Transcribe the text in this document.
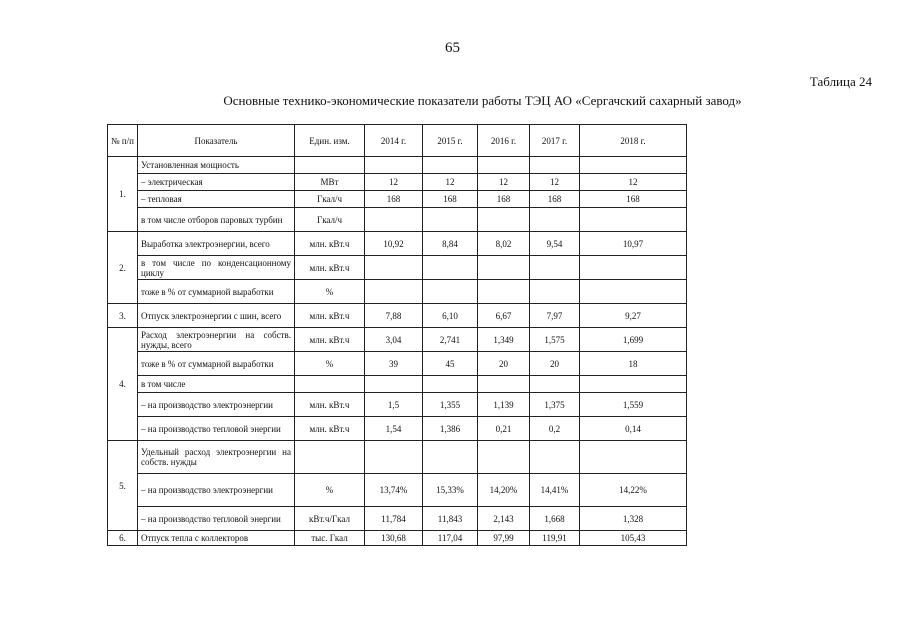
65
Таблица 24
Основные технико-экономические показатели работы ТЭЦ АО «Сергачский сахарный завод»
№ п/п	Показатель	Един. изм.	2014 г.	2015 г.	2016 г.	2017 г.	2018 г.
1.	Установленная мощность						
	– электрическая	МВт	12	12	12	12	12
	– тепловая	Гкал/ч	168	168	168	168	168
	в том числе отборов паровых турбин	Гкал/ч					
2.	Выработка электроэнергии, всего	млн. кВт.ч	10,92	8,84	8,02	9,54	10,97
	в том числе по конденсационному циклу	млн. кВт.ч					
	тоже в % от суммарной выработки	%					
3.	Отпуск электроэнергии с шин, всего	млн. кВт.ч	7,88	6,10	6,67	7,97	9,27
4.	Расход электроэнергии на собств. нужды, всего	млн. кВт.ч	3,04	2,741	1,349	1,575	1,699
	тоже в % от суммарной выработки	%	39	45	20	20	18
	в том числе						
	– на производство электроэнергии	млн. кВт.ч	1,5	1,355	1,139	1,375	1,559
	– на производство тепловой энергии	млн. кВт.ч	1,54	1,386	0,21	0,2	0,14
5.	Удельный расход электроэнергии на собств. нужды						
	– на производство электроэнергии	%	13,74%	15,33%	14,20%	14,41%	14,22%
	– на производство тепловой энергии	кВт.ч/Гкал	11,784	11,843	2,143	1,668	1,328
6.	Отпуск тепла с коллекторов	тыс. Гкал	130,68	117,04	97,99	119,91	105,43
